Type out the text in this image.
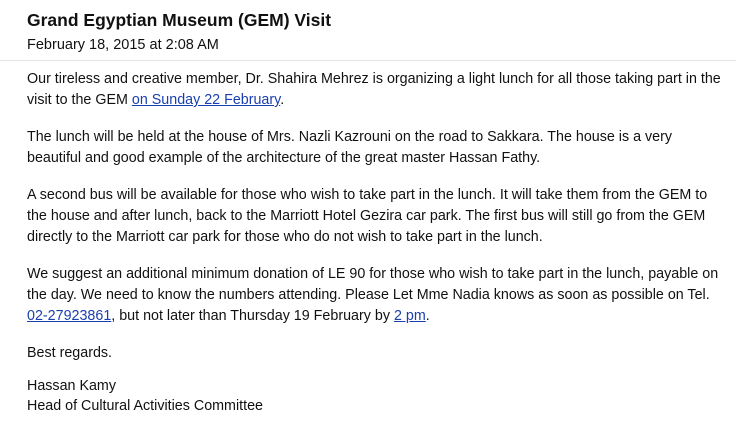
Grand Egyptian Museum (GEM) Visit
February 18, 2015 at 2:08 AM

Our tireless and creative member, Dr. Shahira Mehrez is organizing a light lunch for all those taking part in the visit to the GEM on Sunday 22 February.

The lunch will be held at the house of Mrs. Nazli Kazrouni on the road to Sakkara. The house is a very beautiful and good example of the architecture of the great master Hassan Fathy.

A second bus will be available for those who wish to take part in the lunch. It will take them from the GEM to the house and after lunch, back to the Marriott Hotel Gezira car park. The first bus will still go from the GEM directly to the Marriott car park for those who do not wish to take part in the lunch.

We suggest an additional minimum donation of LE 90 for those who wish to take part in the lunch, payable on the day. We need to know the numbers attending. Please Let Mme Nadia knows as soon as possible on Tel. 02-27923861, but not later than Thursday 19 February by 2 pm.

Best regards.

Hassan Kamy
Head of Cultural Activities Committee
